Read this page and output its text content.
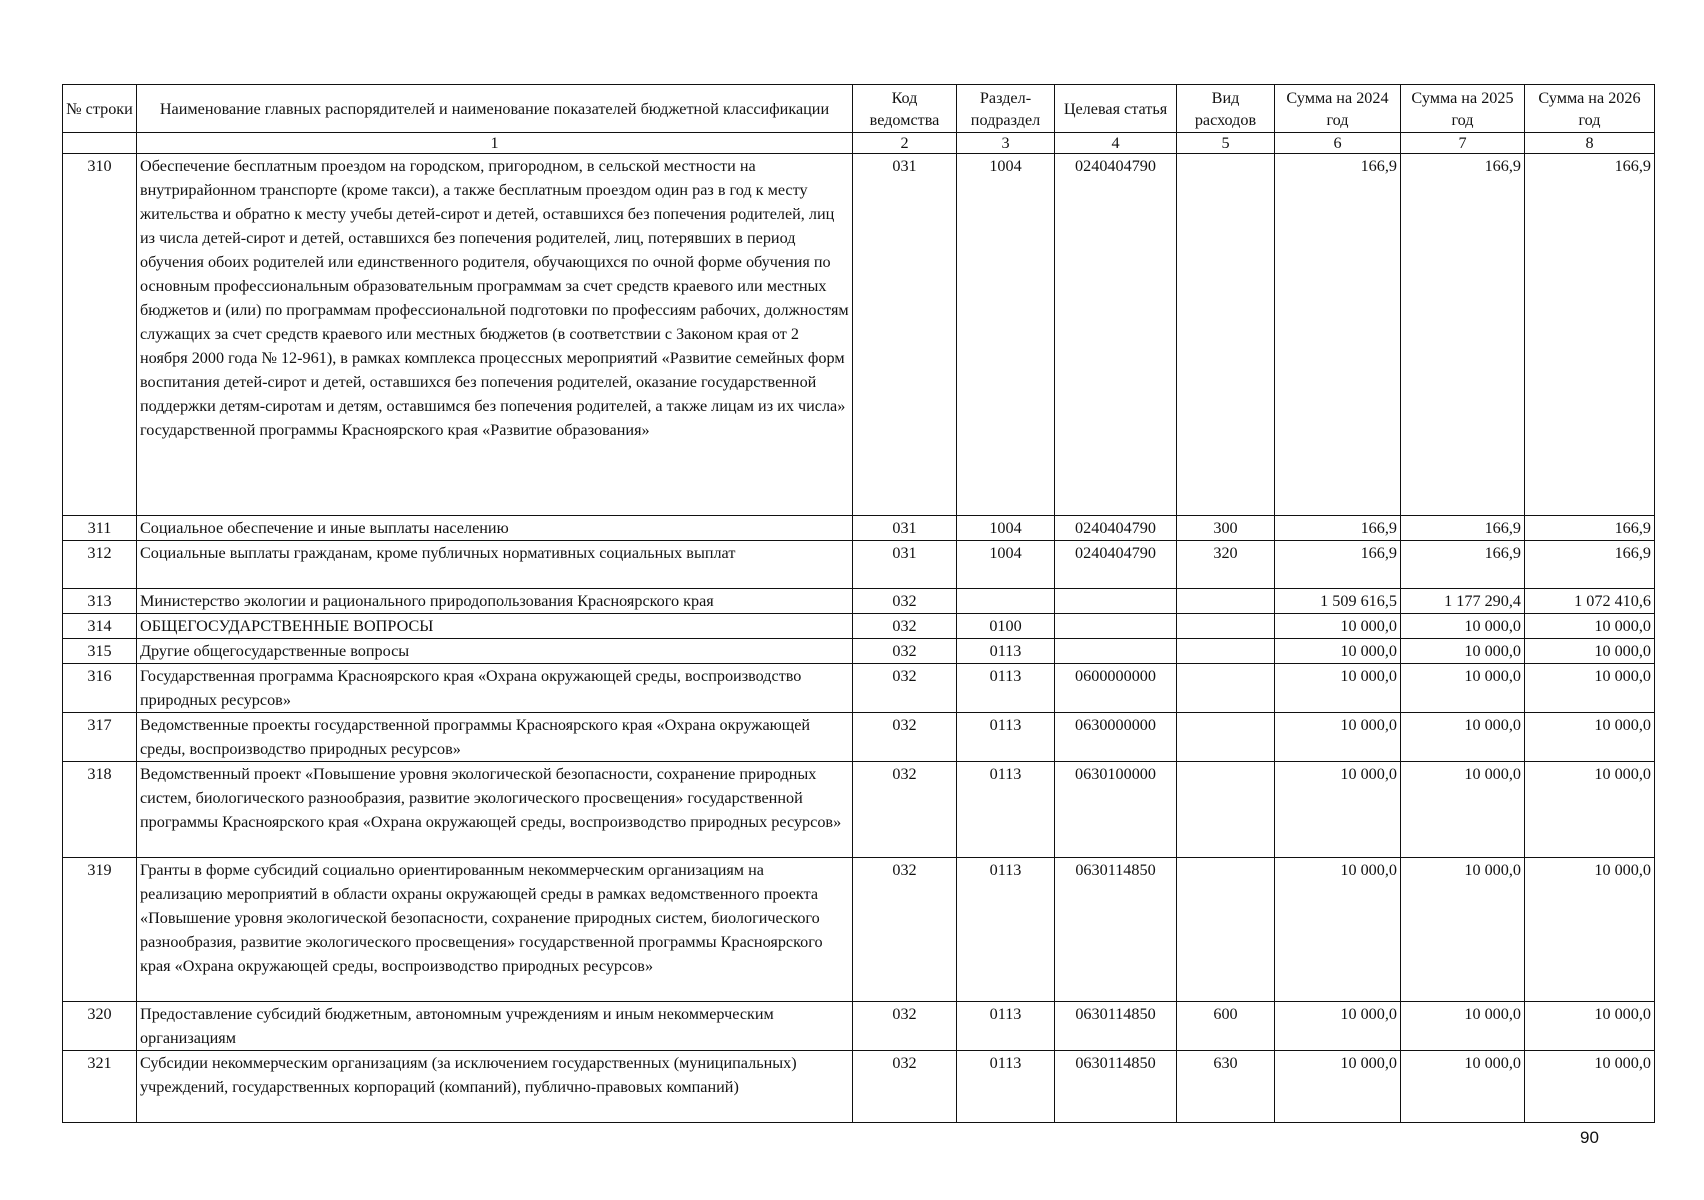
№ строки	Наименование главных распорядителей и наименование показателей бюджетной классификации	Код ведомства	Раздел-подраздел	Целевая статья	Вид расходов	Сумма на 2024 год	Сумма на 2025 год	Сумма на 2026 год
	1	2	3	4	5	6	7	8
310	Обеспечение бесплатным проездом на городском, пригородном, в сельской местности на внутрирайонном транспорте (кроме такси), а также бесплатным проездом один раз в год к месту жительства и обратно к месту учебы детей-сирот и детей, оставшихся без попечения родителей, лиц из числа детей-сирот и детей, оставшихся без попечения родителей, лиц, потерявших в период обучения обоих родителей или единственного родителя, обучающихся по очной форме обучения по основным профессиональным образовательным программам за счет средств краевого или местных бюджетов и (или) по программам профессиональной подготовки по профессиям рабочих, должностям служащих за счет средств краевого или местных бюджетов (в соответствии с Законом края от 2 ноября 2000 года № 12-961), в рамках комплекса процессных мероприятий «Развитие семейных форм воспитания детей-сирот и детей, оставшихся без попечения родителей, оказание государственной поддержки детям-сиротам и детям, оставшимся без попечения родителей, а также лицам из их числа» государственной программы Красноярского края «Развитие образования»	031	1004	0240404790		166,9	166,9	166,9
311	Социальное обеспечение и иные выплаты населению	031	1004	0240404790	300	166,9	166,9	166,9
312	Социальные выплаты гражданам, кроме публичных нормативных социальных выплат	031	1004	0240404790	320	166,9	166,9	166,9
313	Министерство экологии и рационального природопользования Красноярского края	032				1 509 616,5	1 177 290,4	1 072 410,6
314	ОБЩЕГОСУДАРСТВЕННЫЕ ВОПРОСЫ	032	0100			10 000,0	10 000,0	10 000,0
315	Другие общегосударственные вопросы	032	0113			10 000,0	10 000,0	10 000,0
316	Государственная программа Красноярского края «Охрана окружающей среды, воспроизводство природных ресурсов»	032	0113	0600000000		10 000,0	10 000,0	10 000,0
317	Ведомственные проекты государственной программы Красноярского края «Охрана окружающей среды, воспроизводство природных ресурсов»	032	0113	0630000000		10 000,0	10 000,0	10 000,0
318	Ведомственный проект «Повышение уровня экологической безопасности, сохранение природных систем, биологического разнообразия, развитие экологического просвещения» государственной программы Красноярского края «Охрана окружающей среды, воспроизводство природных ресурсов»	032	0113	0630100000		10 000,0	10 000,0	10 000,0
319	Гранты в форме субсидий социально ориентированным некоммерческим организациям на реализацию мероприятий в области охраны окружающей среды в рамках ведомственного проекта «Повышение уровня экологической безопасности, сохранение природных систем, биологического разнообразия, развитие экологического просвещения» государственной программы Красноярского края «Охрана окружающей среды, воспроизводство природных ресурсов»	032	0113	0630114850		10 000,0	10 000,0	10 000,0
320	Предоставление субсидий бюджетным, автономным учреждениям и иным некоммерческим организациям	032	0113	0630114850	600	10 000,0	10 000,0	10 000,0
321	Субсидии некоммерческим организациям (за исключением государственных (муниципальных) учреждений, государственных корпораций (компаний), публично-правовых компаний)	032	0113	0630114850	630	10 000,0	10 000,0	10 000,0
90
